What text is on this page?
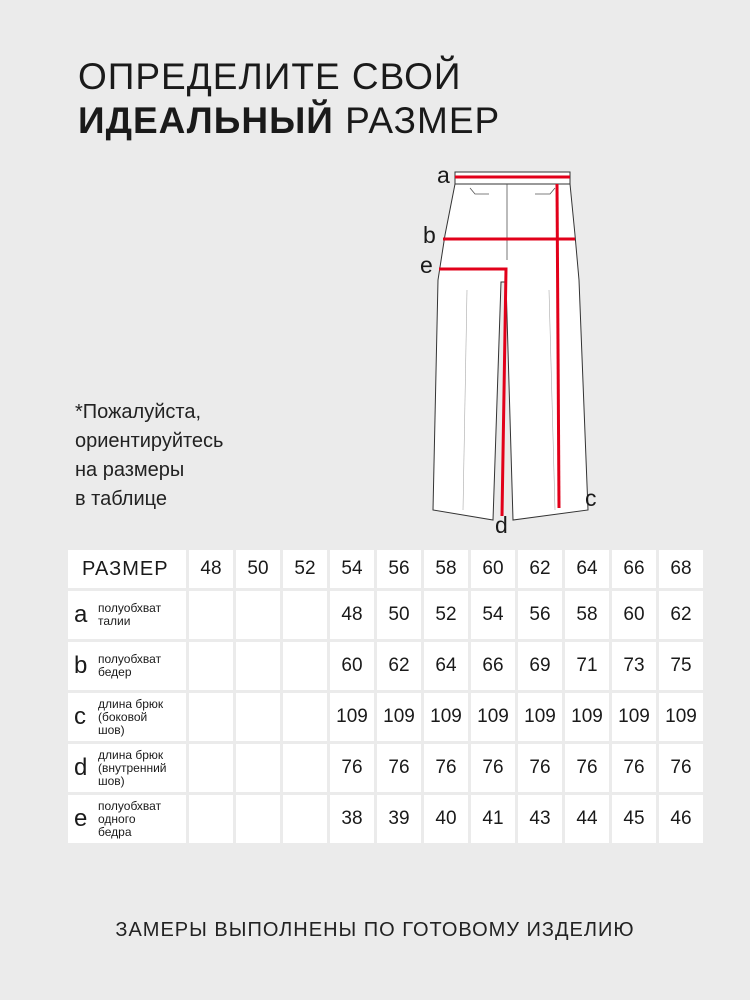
ОПРЕДЕЛИТЕ СВОЙ
ИДЕАЛЬНЫЙ РАЗМЕР
*Пожалуйста,
ориентируйтесь
на размеры
в таблице
a
b
e
c
d
РАЗМЕР	48	50	52	54	56	58	60	62	64	66	68

a полуобхват
талии				48	50	52	54	56	58	60	62

b полуобхват
бедер				60	62	64	66	69	71	73	75

c длина брюк
(боковой
шов)				109	109	109	109	109	109	109	109

d длина брюк
(внутренний
шов)				76	76	76	76	76	76	76	76

e полуобхват
одного
бедра				38	39	40	41	43	44	45	46
ЗАМЕРЫ ВЫПОЛНЕНЫ ПО ГОТОВОМУ ИЗДЕЛИЮ
